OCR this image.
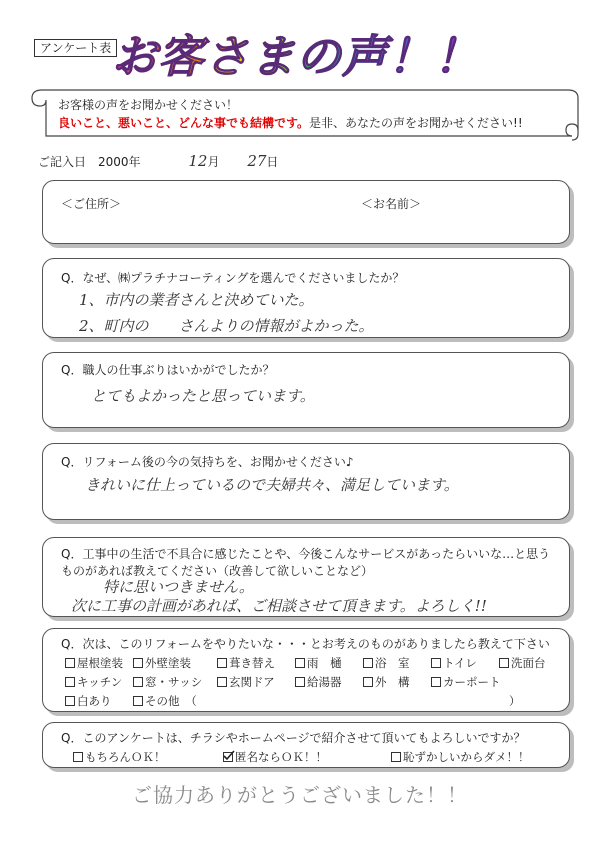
アンケート表 お客さまの声！！
お客様の声をお聞かせください！
良いこと、悪いこと、どんな事でも結構です。是非、あなたの声をお聞かせください!!
ご記入日　2000年	12月 27日
＜ご住所＞	＜お名前＞
Q．なぜ、㈱プラチナコーティングを選んでくださいましたか？
1、市内の業者さんと決めていた。
2、町内の　　さんよりの情報がよかった。
Q．職人の仕事ぶりはいかがでしたか？
とてもよかったと思っています。
Q．リフォーム後の今の気持ちを、お聞かせください♪
きれいに仕上っているので夫婦共々、満足しています。
Q．工事中の生活で不具合に感じたことや、今後こんなサービスがあったらいいな…と思う
ものがあれば教えてください（改善して欲しいことなど）
特に思いつきません。
次に工事の計画があれば、ご相談させて頂きます。よろしく!!
Q．次は、このリフォームをやりたいな・・・とお考えのものがありましたら教えて下さい
屋根塗装	外壁塗装	葺き替え	雨　樋	浴　室	トイレ	洗面台
キッチン	窓・サッシ	玄関ドア	給湯器	外　構	カーポート
白あり	その他　（	）
Q．このアンケートは、チラシやホームページで紹介させて頂いてもよろしいですか？
もちろんＯＫ！	匿名ならＯＫ！！	恥ずかしいからダメ！！
ご協力ありがとうございました！！
